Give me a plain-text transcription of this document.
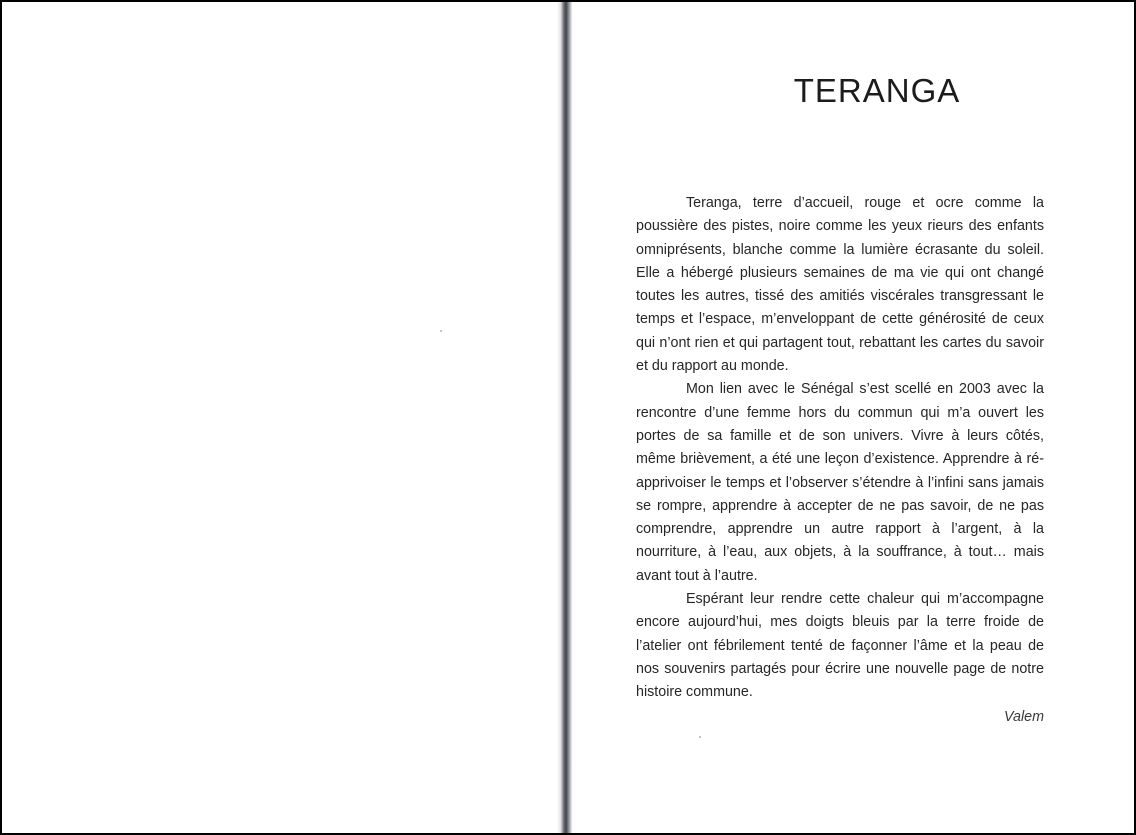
TERANGA

Teranga, terre d’accueil, rouge et ocre comme la poussière des pistes, noire comme les yeux rieurs des enfants omniprésents, blanche comme la lumière écrasante du soleil. Elle a hébergé plusieurs semaines de ma vie qui ont changé toutes les autres, tissé des amitiés viscérales transgressant le temps et l’espace, m’enveloppant de cette générosité de ceux qui n’ont rien et qui partagent tout, rebattant les cartes du savoir et du rapport au monde.

Mon lien avec le Sénégal s’est scellé en 2003 avec la rencontre d’une femme hors du commun qui m’a ouvert les portes de sa famille et de son univers. Vivre à leurs côtés, même brièvement, a été une leçon d’existence. Apprendre à ré-apprivoiser le temps et l’observer s’étendre à l’infini sans jamais se rompre, apprendre à accepter de ne pas savoir, de ne pas comprendre, apprendre un autre rapport à l’argent, à la nourriture, à l’eau, aux objets, à la souffrance, à tout… mais avant tout à l’autre.

Espérant leur rendre cette chaleur qui m’accompagne encore aujourd’hui, mes doigts bleuis par la terre froide de l’atelier ont fébrilement tenté de façonner l’âme et la peau de nos souvenirs partagés pour écrire une nouvelle page de notre histoire commune.

Valem
